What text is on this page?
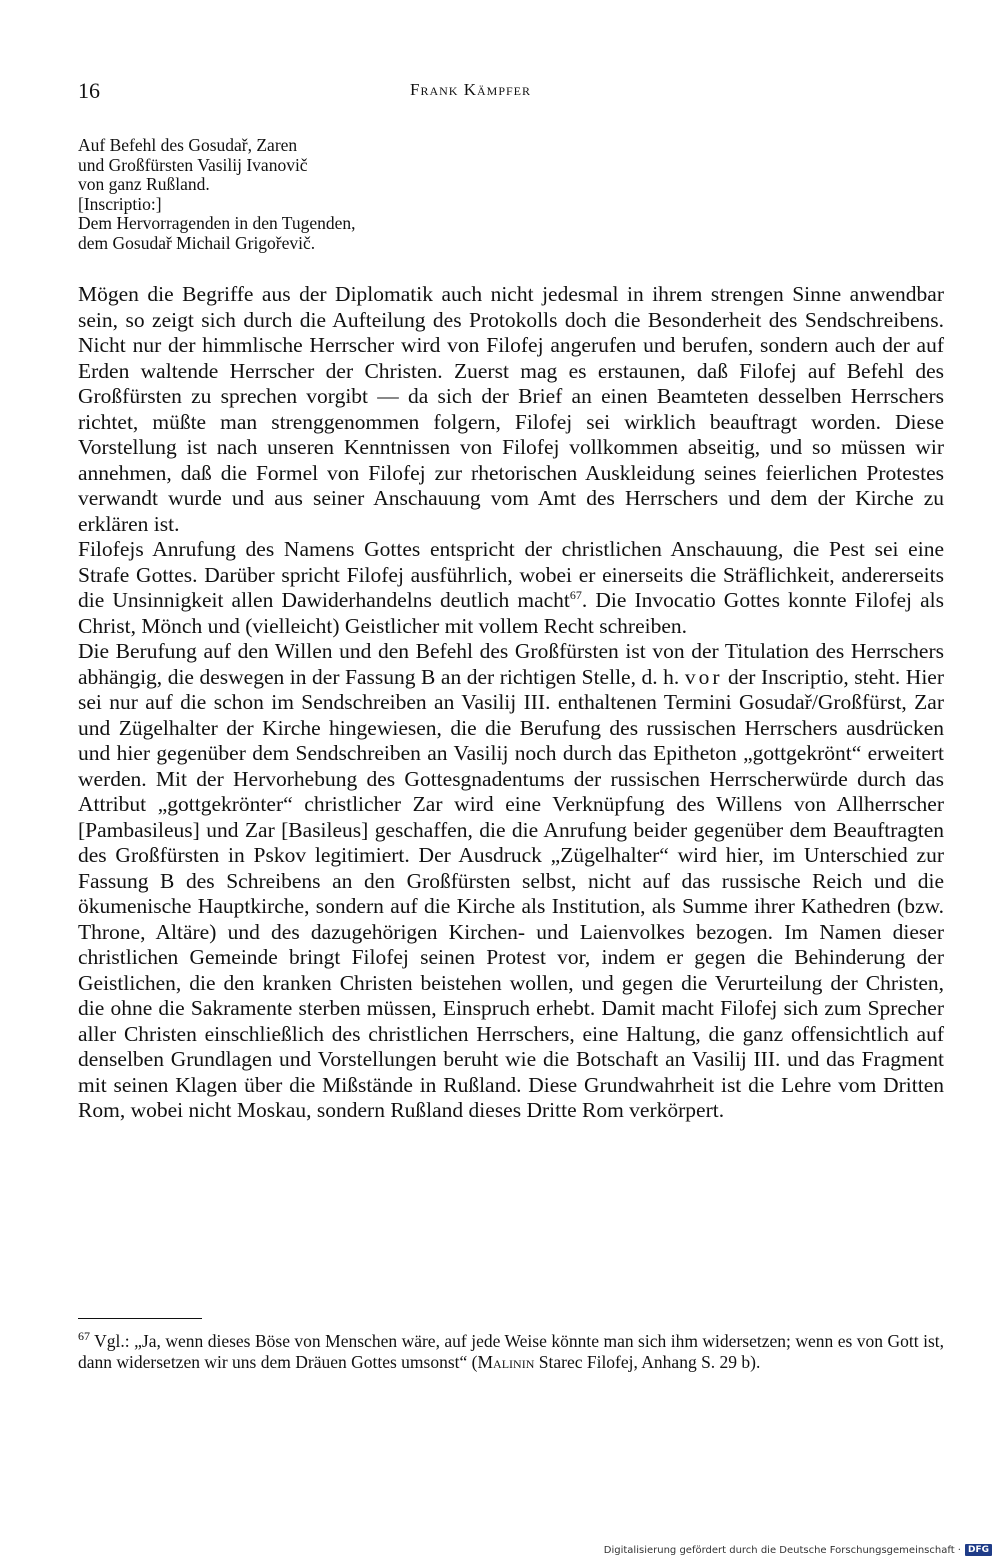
16	Frank Kämpfer
Auf Befehl des Gosudař, Zaren
und Großfürsten Vasilij Ivanovič
von ganz Rußland.
[Inscriptio:]
Dem Hervorragenden in den Tugenden,
dem Gosudař Michail Grigořevič.

Mögen die Begriffe aus der Diplomatik auch nicht jedesmal in ihrem strengen Sinne anwendbar sein, so zeigt sich durch die Aufteilung des Protokolls doch die Besonderheit des Sendschreibens. Nicht nur der himmlische Herrscher wird von Filofej angerufen und berufen, sondern auch der auf Erden waltende Herrscher der Christen. Zuerst mag es erstaunen, daß Filofej auf Befehl des Großfürsten zu sprechen vorgibt — da sich der Brief an einen Beamteten desselben Herrschers richtet, müßte man strenggenommen folgern, Filofej sei wirklich beauftragt worden. Diese Vorstellung ist nach unseren Kenntnissen von Filofej vollkommen abseitig, und so müssen wir annehmen, daß die Formel von Filofej zur rhetorischen Auskleidung seines feierlichen Protestes verwandt wurde und aus seiner Anschauung vom Amt des Herrschers und dem der Kirche zu erklären ist.

Filofejs Anrufung des Namens Gottes entspricht der christlichen Anschauung, die Pest sei eine Strafe Gottes. Darüber spricht Filofej ausführlich, wobei er einerseits die Sträflichkeit, andererseits die Unsinnigkeit allen Dawiderhandelns deutlich macht$^{67}$. Die Invocatio Gottes konnte Filofej als Christ, Mönch und (vielleicht) Geistlicher mit vollem Recht schreiben.

Die Berufung auf den Willen und den Befehl des Großfürsten ist von der Titulation des Herrschers abhängig, die deswegen in der Fassung B an der richtigen Stelle, d. h. vor der Inscriptio, steht. Hier sei nur auf die schon im Sendschreiben an Vasilij III. enthaltenen Termini Gosudař/Großfürst, Zar und Zügelhalter der Kirche hingewiesen, die die Berufung des russischen Herrschers ausdrücken und hier gegenüber dem Sendschreiben an Vasilij noch durch das Epitheton „gottgekrönt“ erweitert werden. Mit der Hervorhebung des Gottesgnadentums der russischen Herrscherwürde durch das Attribut „gottgekrönter“ christlicher Zar wird eine Verknüpfung des Willens von Allherrscher [Pambasileus] und Zar [Basileus] geschaffen, die die Anrufung beider gegenüber dem Beauftragten des Großfürsten in Pskov legitimiert. Der Ausdruck „Zügelhalter“ wird hier, im Unterschied zur Fassung B des Schreibens an den Großfürsten selbst, nicht auf das russische Reich und die ökumenische Hauptkirche, sondern auf die Kirche als Institution, als Summe ihrer Kathedren (bzw. Throne, Altäre) und des dazugehörigen Kirchen- und Laienvolkes bezogen. Im Namen dieser christlichen Gemeinde bringt Filofej seinen Protest vor, indem er gegen die Behinderung der Geistlichen, die den kranken Christen beistehen wollen, und gegen die Verurteilung der Christen, die ohne die Sakramente sterben müssen, Einspruch erhebt. Damit macht Filofej sich zum Sprecher aller Christen einschließlich des christlichen Herrschers, eine Haltung, die ganz offensichtlich auf denselben Grundlagen und Vorstellungen beruht wie die Botschaft an Vasilij III. und das Fragment mit seinen Klagen über die Mißstände in Rußland. Diese Grundwahrheit ist die Lehre vom Dritten Rom, wobei nicht Moskau, sondern Rußland dieses Dritte Rom verkörpert.

$^{67}$ Vgl.: „Ja, wenn dieses Böse von Menschen wäre, auf jede Weise könnte man sich ihm widersetzen; wenn es von Gott ist, dann widersetzen wir uns dem Dräuen Gottes umsonst“ (Malinin Starec Filofej, Anhang S. 29 b).
Digitalisierung gefördert durch die Deutsche Forschungsgemeinschaft · DFG
